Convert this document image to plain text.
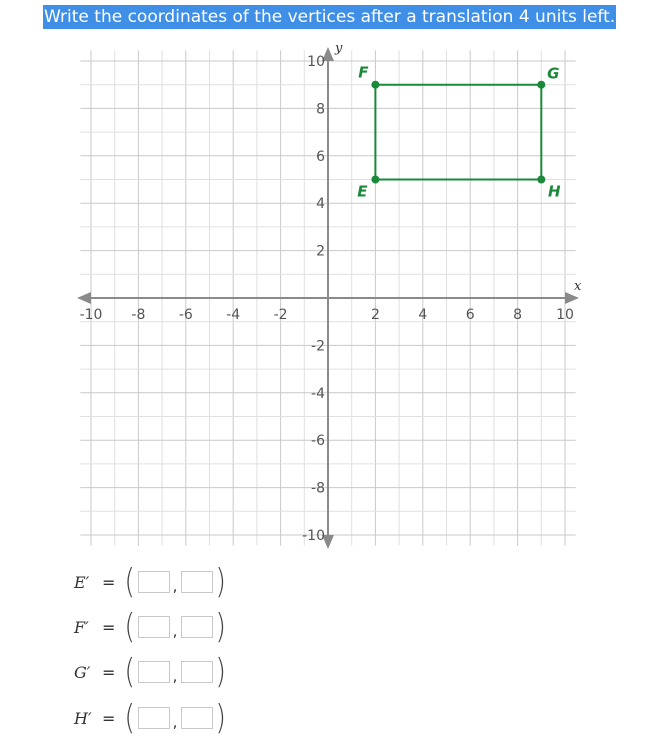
Write the coordinates of the vertices after a translation 4 units left.
-10 -8 -6 -4 -2	2	4	6	8 10
10
8
6
4
2
-2
-4
-6
-8
-10
x
y
E
F	G
H
E′ = ( , )
F′ = ( , )
G′ = ( , )
H′ = ( , )
